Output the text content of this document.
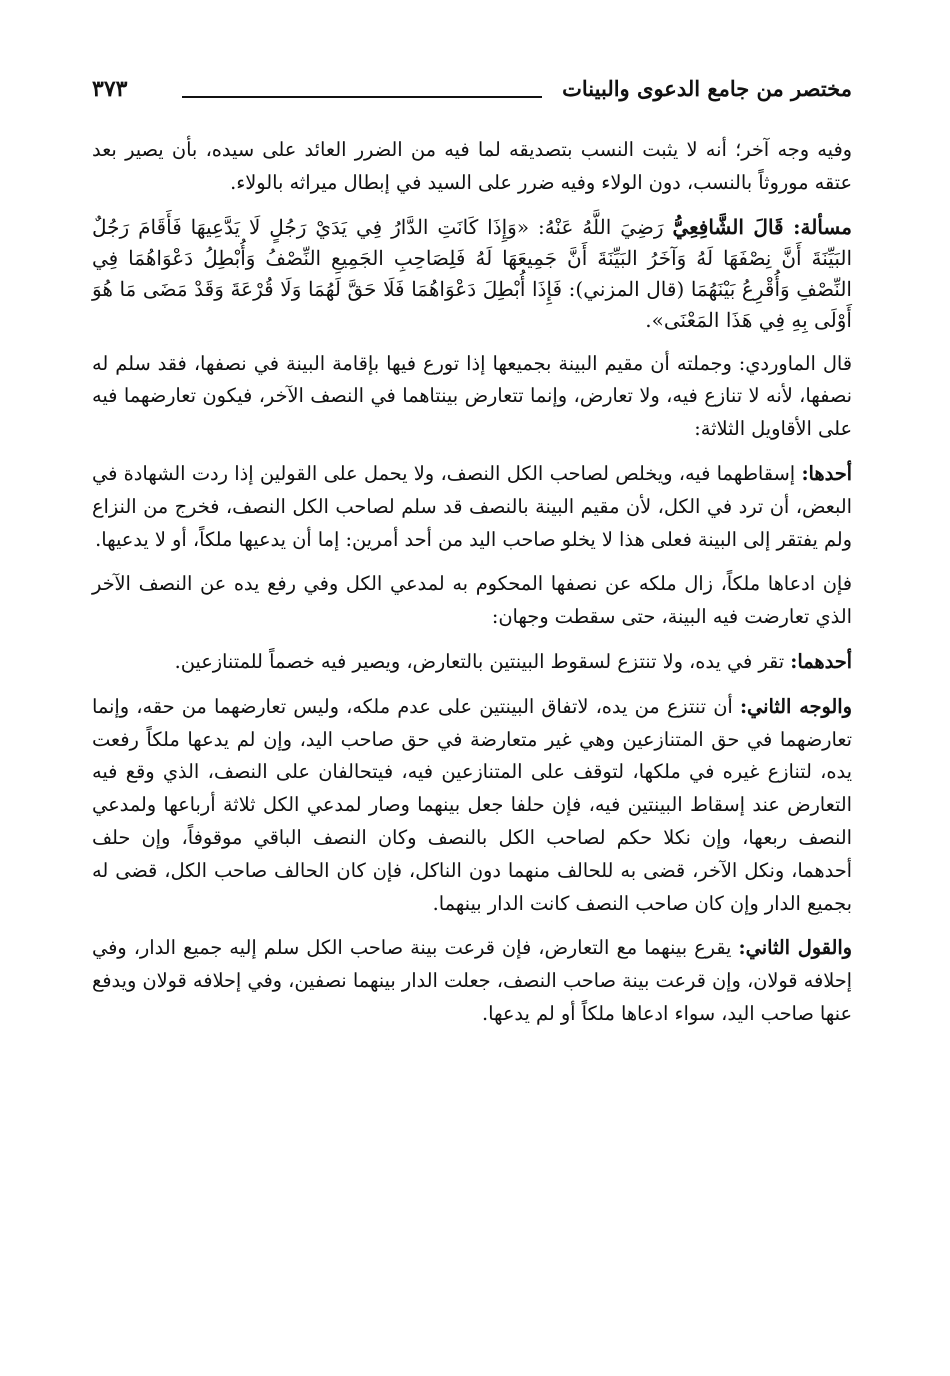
مختصر من جامع الدعوى والبينات
٣٧٣

وفيه وجه آخر؛ أنه لا يثبت النسب بتصديقه لما فيه من الضرر العائد على سيده، بأن يصير بعد عتقه موروثاً بالنسب، دون الولاء وفيه ضرر على السيد في إبطال ميراثه بالولاء.

مسألة: قَالَ الشَّافِعِيُّ رَضِيَ اللَّهُ عَنْهُ: «وَإِذَا كَانَتِ الدَّارُ فِي يَدَيْ رَجُلٍ لَا يَدَّعِيهَا فَأَقَامَ رَجُلٌ البَيِّنَةَ أَنَّ نِصْفَهَا لَهُ وَآخَرُ البَيِّنَةَ أَنَّ جَمِيعَهَا لَهُ فَلِصَاحِبِ الجَمِيعِ النِّصْفُ وَأُبْطِلُ دَعْوَاهُمَا فِي النِّصْفِ وَأُقْرِعُ بَيْنَهُمَا (قال المزني): فَإِذَا أُبْطِلَ دَعْوَاهُمَا فَلَا حَقَّ لَهُمَا وَلَا قُرْعَةَ وَقَدْ مَضَى مَا هُوَ أَوْلَى بِهِ فِي هَذَا المَعْنَى».

قال الماوردي: وجملته أن مقيم البينة بجميعها إذا تورع فيها بإقامة البينة في نصفها، فقد سلم له نصفها، لأنه لا تنازع فيه، ولا تعارض، وإنما تتعارض بينتاهما في النصف الآخر، فيكون تعارضهما فيه على الأقاويل الثلاثة:

أحدها: إسقاطهما فيه، ويخلص لصاحب الكل النصف، ولا يحمل على القولين إذا ردت الشهادة في البعض، أن ترد في الكل، لأن مقيم البينة بالنصف قد سلم لصاحب الكل النصف، فخرج من النزاع ولم يفتقر إلى البينة فعلى هذا لا يخلو صاحب اليد من أحد أمرين: إما أن يدعيها ملكاً، أو لا يدعيها.

فإن ادعاها ملكاً، زال ملكه عن نصفها المحكوم به لمدعي الكل وفي رفع يده عن النصف الآخر الذي تعارضت فيه البينة، حتى سقطت وجهان:

أحدهما: تقر في يده، ولا تنتزع لسقوط البينتين بالتعارض، ويصير فيه خصماً للمتنازعين.

والوجه الثاني: أن تنتزع من يده، لاتفاق البينتين على عدم ملكه، وليس تعارضهما من حقه، وإنما تعارضهما في حق المتنازعين وهي غير متعارضة في حق صاحب اليد، وإن لم يدعها ملكاً رفعت يده، لتنازع غيره في ملكها، لتوقف على المتنازعين فيه، فيتحالفان على النصف، الذي وقع فيه التعارض عند إسقاط البينتين فيه، فإن حلفا جعل بينهما وصار لمدعي الكل ثلاثة أرباعها ولمدعي النصف ربعها، وإن نكلا حكم لصاحب الكل بالنصف وكان النصف الباقي موقوفاً، وإن حلف أحدهما، ونكل الآخر، قضى به للحالف منهما دون الناكل، فإن كان الحالف صاحب الكل، قضى له بجميع الدار وإن كان صاحب النصف كانت الدار بينهما.

والقول الثاني: يقرع بينهما مع التعارض، فإن قرعت بينة صاحب الكل سلم إليه جميع الدار، وفي إحلافه قولان، وإن قرعت بينة صاحب النصف، جعلت الدار بينهما نصفين، وفي إحلافه قولان ويدفع عنها صاحب اليد، سواء ادعاها ملكاً أو لم يدعها.
